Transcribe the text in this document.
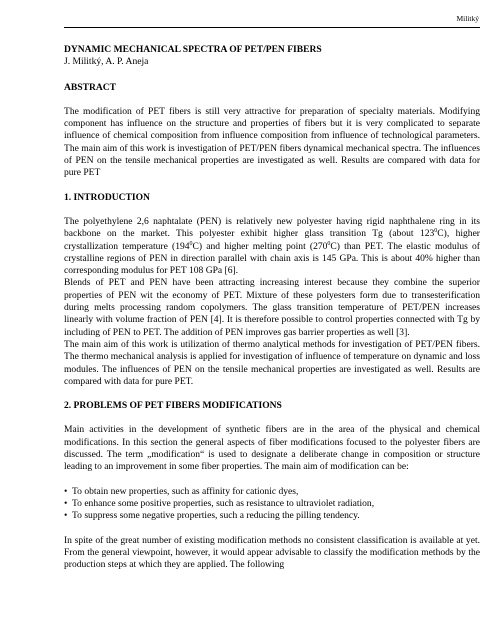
Militký

DYNAMIC MECHANICAL SPECTRA OF PET/PEN FIBERS

J. Militký, A. P. Aneja

ABSTRACT

The modification of PET fibers is still very attractive for preparation of specialty materials. Modifying component has influence on the structure and properties of fibers but it is very complicated to separate influence of chemical composition from influence composition from influence of technological parameters. The main aim of this work is investigation of PET/PEN fibers dynamical mechanical spectra. The influences of PEN on the tensile mechanical properties are investigated as well. Results are compared with data for pure PET

1. INTRODUCTION

The polyethylene 2,6 naphtalate (PEN) is relatively new polyester having rigid naphthalene ring in its backbone on the market. This polyester exhibit higher glass transition Tg (about $123^0C$), higher crystallization temperature $(194^0C)$ and higher melting point $(270^0C)$ than PET. The elastic modulus of crystalline regions of PEN in direction parallel with chain axis is 145 GPa. This is about 40% higher than corresponding modulus for PET 108 GPa [6].

Blends of PET and PEN have been attracting increasing interest because they combine the superior properties of PEN wit the economy of PET. Mixture of these polyesters form due to transesterification during melts processing random copolymers. The glass transition temperature of PET/PEN increases linearly with volume fraction of PEN [4]. It is therefore possible to control properties connected with Tg by including of PEN to PET. The addition of PEN improves gas barrier properties as well [3].

The main aim of this work is utilization of thermo analytical methods for investigation of PET/PEN fibers. The thermo mechanical analysis is applied for investigation of influence of temperature on dynamic and loss modules. The influences of PEN on the tensile mechanical properties are investigated as well. Results are compared with data for pure PET.

2. PROBLEMS OF PET FIBERS MODIFICATIONS

Main activities in the development of synthetic fibers are in the area of the physical and chemical modifications. In this section the general aspects of fiber modifications focused to the polyester fibers are discussed. The term „modification“ is used to designate a deliberate change in composition or structure leading to an improvement in some fiber properties. The main aim of modification can be:

• To obtain new properties, such as affinity for cationic dyes,
• To enhance some positive properties, such as resistance to ultraviolet radiation,
• To suppress some negative properties, such a reducing the pilling tendency.

In spite of the great number of existing modification methods no consistent classification is available at yet. From the general viewpoint, however, it would appear advisable to classify the modification methods by the production steps at which they are applied. The following
